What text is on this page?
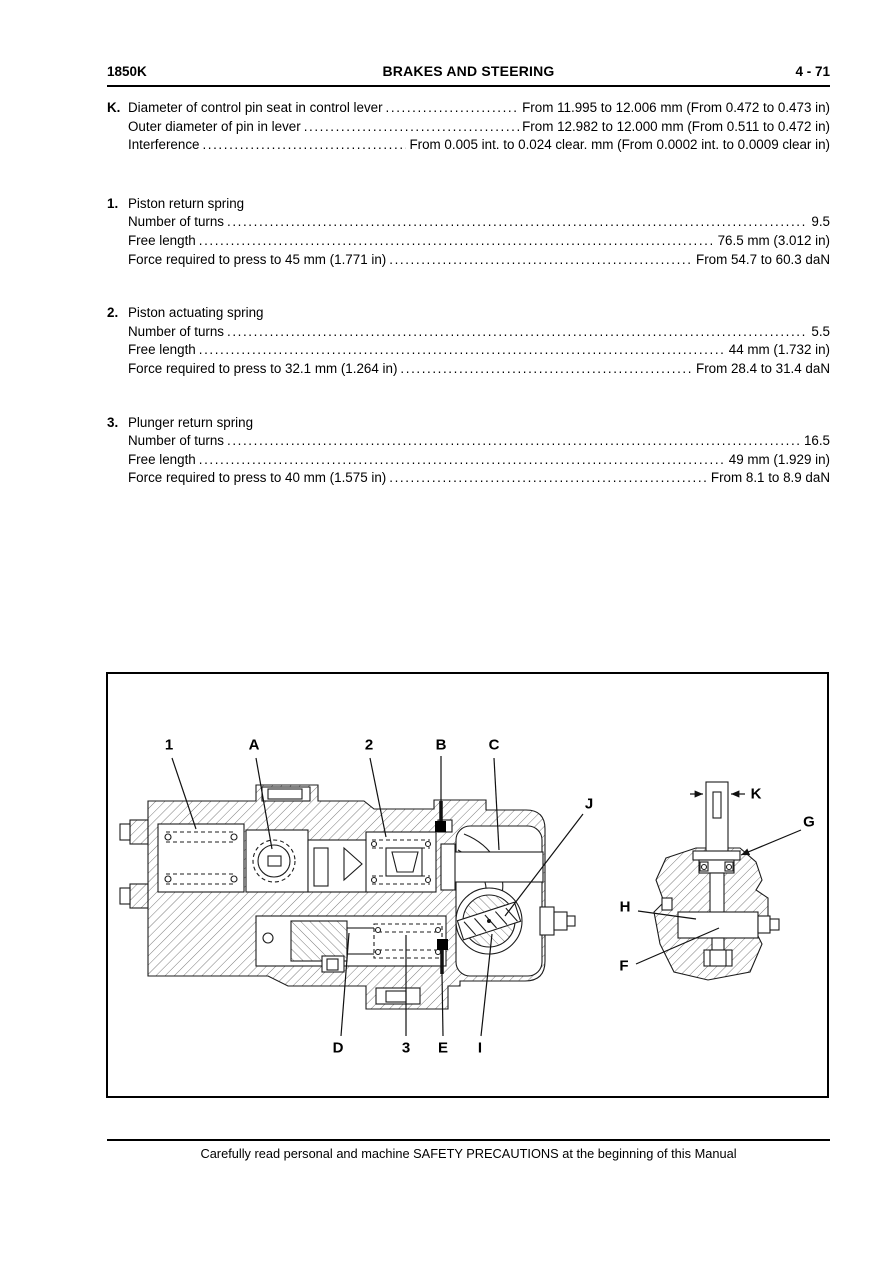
1850K	BRAKES AND STEERING	4 - 71
K. Diameter of control pin seat in control lever .....	From 11.995 to 12.006 mm (From 0.472 to 0.473 in)
Outer diameter of pin in lever .....	From 12.982 to 12.000 mm (From 0.511 to 0.472 in)
Interference .....	From 0.005 int. to 0.024 clear. mm (From 0.0002 int. to 0.0009 clear in)
1. Piston return spring
Number of turns .....	9.5
Free length .....	76.5 mm (3.012 in)
Force required to press to 45 mm (1.771 in) .....	From 54.7 to 60.3 daN
2. Piston actuating spring
Number of turns .....	5.5
Free length .....	44 mm (1.732 in)
Force required to press to 32.1 mm (1.264 in) .....	From 28.4 to 31.4 daN
3. Plunger return spring
Number of turns .....	16.5
Free length .....	49 mm (1.929 in)
Force required to press to 40 mm (1.575 in) .....	From 8.1 to 8.9 daN
1	A	2	B	C
J
K
G
H
F
D	3 E I
Carefully read personal and machine SAFETY PRECAUTIONS at the beginning of this Manual
